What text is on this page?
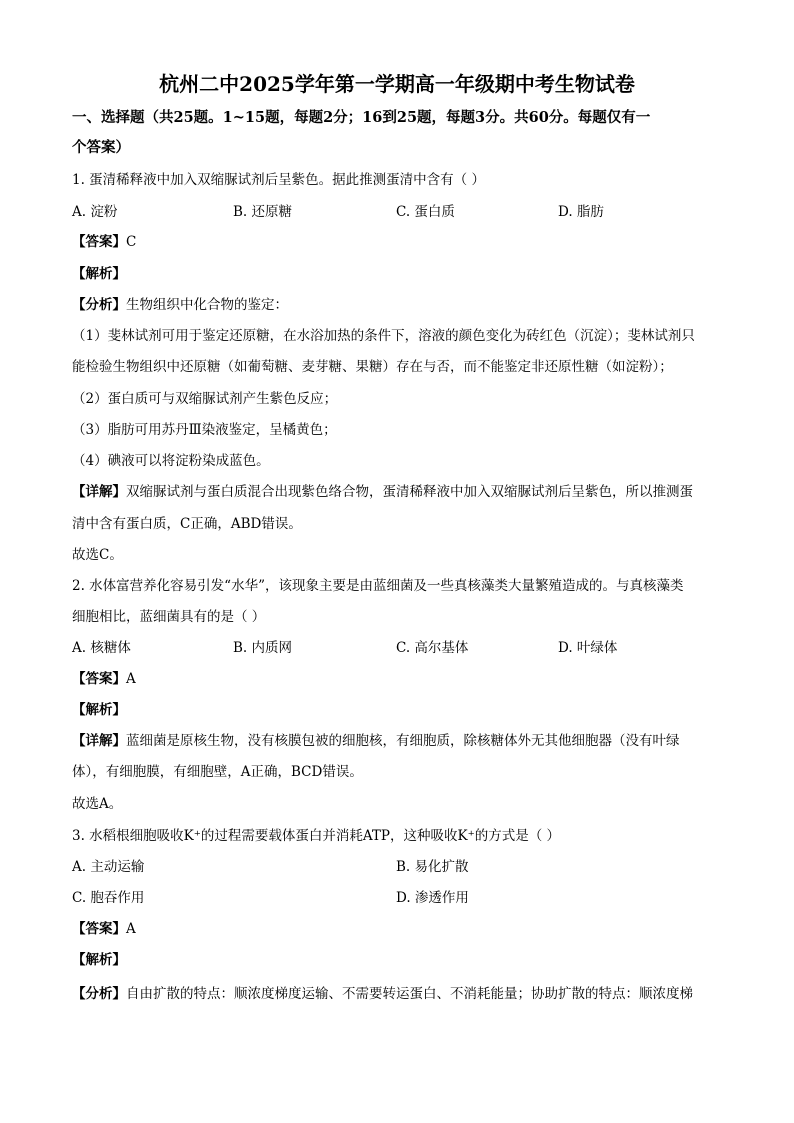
杭州二中2025学年第一学期高一年级期中考生物试卷
一、选择题（共25题。1~15题，每题2分；16到25题，每题3分。共60分。每题仅有一
个答案）
1. 蛋清稀释液中加入双缩脲试剂后呈紫色。据此推测蛋清中含有（ ）
A. 淀粉	B. 还原糖	C. 蛋白质	D. 脂肪
【答案】C
【解析】
【分析】生物组织中化合物的鉴定：
（1）斐林试剂可用于鉴定还原糖，在水浴加热的条件下，溶液的颜色变化为砖红色（沉淀）；斐林试剂只
能检验生物组织中还原糖（如葡萄糖、麦芽糖、果糖）存在与否，而不能鉴定非还原性糖（如淀粉）；
（2）蛋白质可与双缩脲试剂产生紫色反应；
（3）脂肪可用苏丹Ⅲ染液鉴定，呈橘黄色；
（4）碘液可以将淀粉染成蓝色。
【详解】双缩脲试剂与蛋白质混合出现紫色络合物，蛋清稀释液中加入双缩脲试剂后呈紫色，所以推测蛋
清中含有蛋白质，C正确，ABD错误。
故选C。
2. 水体富营养化容易引发“水华”，该现象主要是由蓝细菌及一些真核藻类大量繁殖造成的。与真核藻类
细胞相比，蓝细菌具有的是（ ）
A. 核糖体	B. 内质网	C. 高尔基体	D. 叶绿体
【答案】A
【解析】
【详解】蓝细菌是原核生物，没有核膜包被的细胞核，有细胞质，除核糖体外无其他细胞器（没有叶绿
体），有细胞膜，有细胞壁，A正确，BCD错误。
故选A。
3. 水稻根细胞吸收K⁺的过程需要载体蛋白并消耗ATP，这种吸收K⁺的方式是（ ）
A. 主动运输	B. 易化扩散
C. 胞吞作用	D. 渗透作用
【答案】A
【解析】
【分析】自由扩散的特点：顺浓度梯度运输、不需要转运蛋白、不消耗能量；协助扩散的特点：顺浓度梯
